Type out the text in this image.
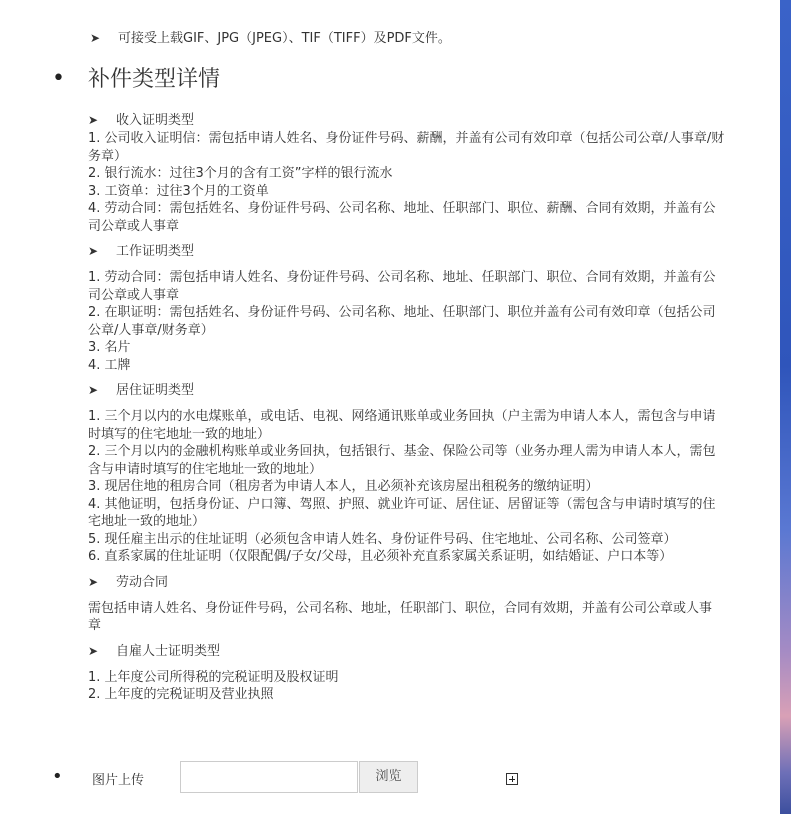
➤ 可接受上载GIF、JPG（JPEG）、TIF（TIFF）及PDF文件。
• 补件类型详情
➤ 收入证明类型

1. 公司收入证明信：需包括申请人姓名、身份证件号码、薪酬，并盖有公司有效印章（包括公司公章/人事章/财

务章）

2. 银行流水：过往3个月的含有工资”字样的银行流水

3. 工资单：过往3个月的工资单

4. 劳动合同：需包括姓名、身份证件号码、公司名称、地址、任职部门、职位、薪酬、合同有效期，并盖有公

司公章或人事章

➤ 工作证明类型

1. 劳动合同：需包括申请人姓名、身份证件号码、公司名称、地址、任职部门、职位、合同有效期，并盖有公

司公章或人事章

2. 在职证明：需包括姓名、身份证件号码、公司名称、地址、任职部门、职位并盖有公司有效印章（包括公司

公章/人事章/财务章）

3. 名片

4. 工牌

➤ 居住证明类型

1. 三个月以内的水电煤账单，或电话、电视、网络通讯账单或业务回执（户主需为申请人本人，需包含与申请

时填写的住宅地址一致的地址）

2. 三个月以内的金融机构账单或业务回执，包括银行、基金、保险公司等（业务办理人需为申请人本人，需包

含与申请时填写的住宅地址一致的地址）

3. 现居住地的租房合同（租房者为申请人本人，且必须补充该房屋出租税务的缴纳证明）

4. 其他证明，包括身份证、户口簿、驾照、护照、就业许可证、居住证、居留证等（需包含与申请时填写的住

宅地址一致的地址）

5. 现任雇主出示的住址证明（必须包含申请人姓名、身份证件号码、住宅地址、公司名称、公司签章）

6. 直系家属的住址证明（仅限配偶/子女/父母，且必须补充直系家属关系证明，如结婚证、户口本等）

➤ 劳动合同

需包括申请人姓名、身份证件号码，公司名称、地址，任职部门、职位，合同有效期，并盖有公司公章或人事

章

➤ 自雇人士证明类型

1. 上年度公司所得税的完税证明及股权证明

2. 上年度的完税证明及营业执照

• 图片上传	浏览
